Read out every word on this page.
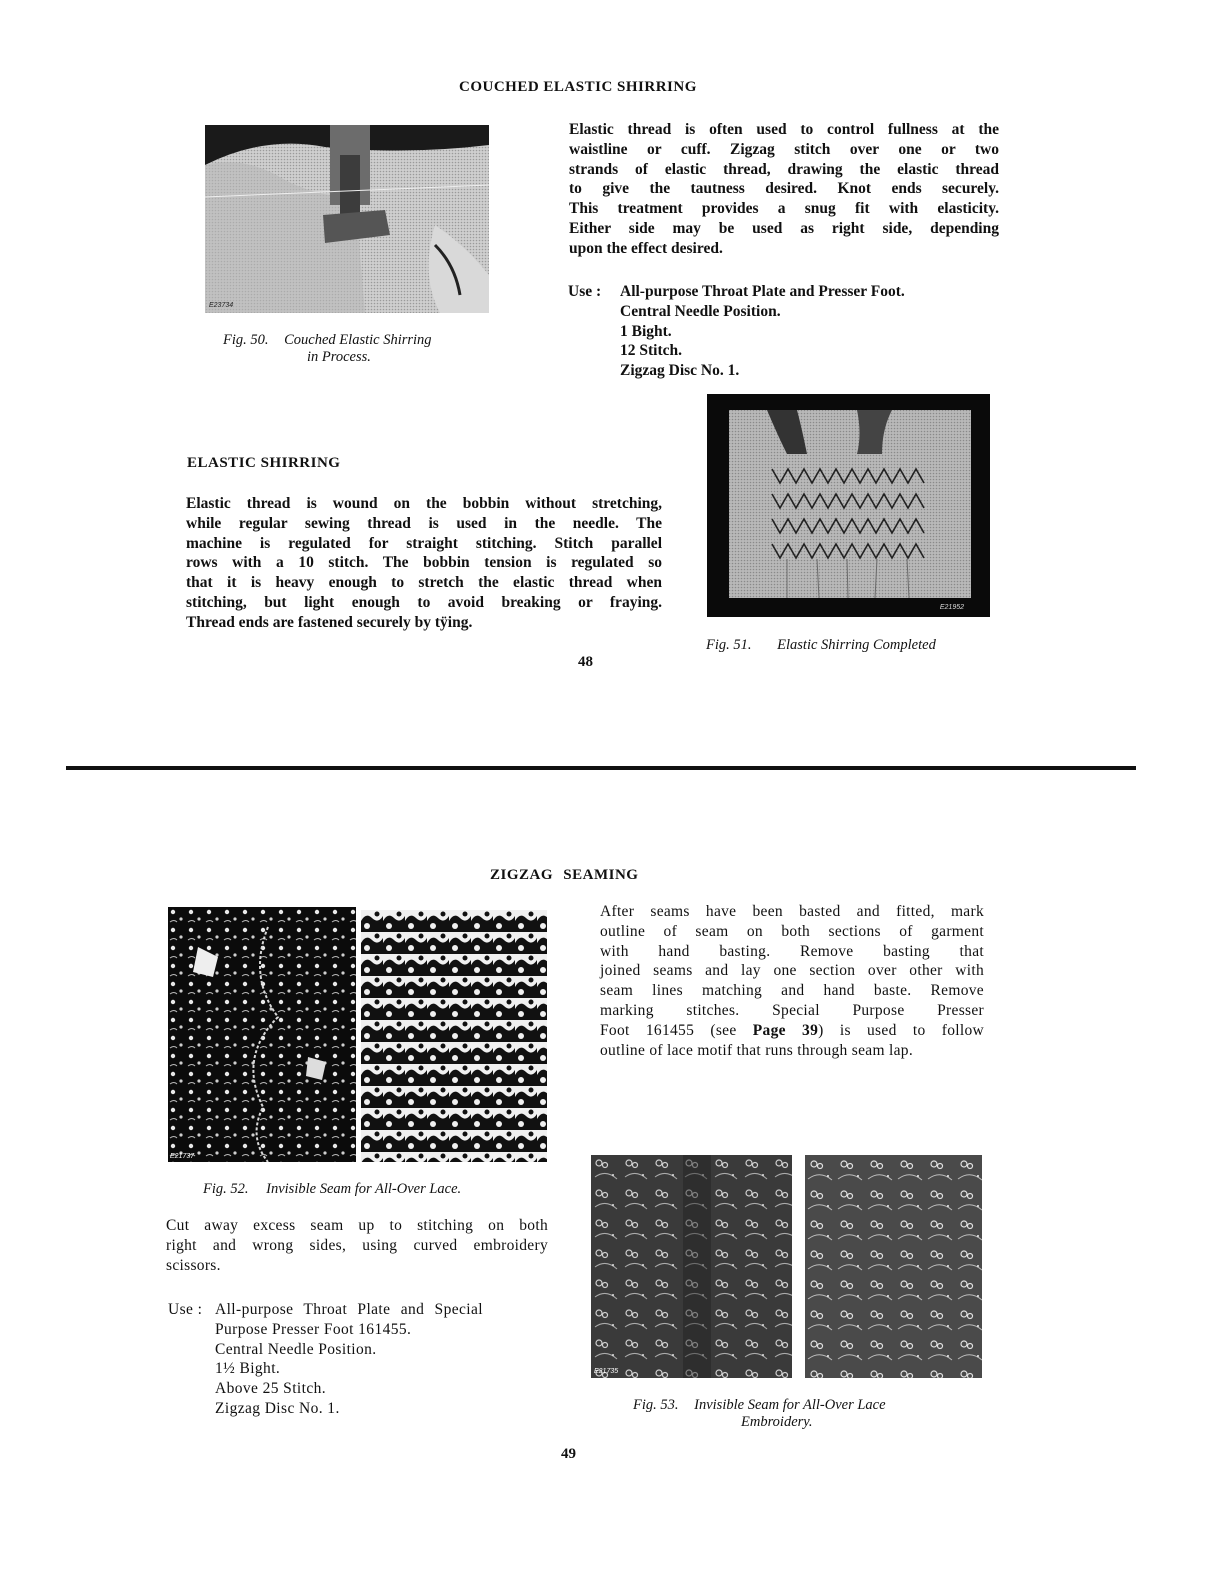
COUCHED ELASTIC SHIRRING
E23734
Fig. 50. Couched Elastic Shirring
in Process.
Elastic thread is often used to control fullness at the
waistline or cuff. Zigzag stitch over one or two
strands of elastic thread, drawing the elastic thread
to give the tautness desired. Knot ends securely.
This treatment provides a snug fit with elasticity.
Either side may be used as right side, depending
upon the effect desired.
Use : All-purpose Throat Plate and Presser Foot.
Central Needle Position.
1 Bight.
12 Stitch.
Zigzag Disc No. 1.
E21952
Fig. 51. Elastic Shirring Completed
ELASTIC SHIRRING
Elastic thread is wound on the bobbin without stretching,
while regular sewing thread is used in the needle. The
machine is regulated for straight stitching. Stitch parallel
rows with a 10 stitch. The bobbin tension is regulated so
that it is heavy enough to stretch the elastic thread when
stitching, but light enough to avoid breaking or fraying.
Thread ends are fastened securely by tÿing.
48
ZIGZAG SEAMING
E21737
Fig. 52. Invisible Seam for All-Over Lace.
After seams have been basted and fitted, mark
outline of seam on both sections of garment
with hand basting. Remove basting that
joined seams and lay one section over other with
seam lines matching and hand baste. Remove
marking stitches. Special Purpose Presser
Foot 161455 (see Page 39) is used to follow
outline of lace motif that runs through seam lap.
Cut away excess seam up to stitching on both
right and wrong sides, using curved embroidery
scissors.
Use : All-purpose Throat Plate and Special
Purpose Presser Foot 161455.
Central Needle Position.
1½ Bight.
Above 25 Stitch.
Zigzag Disc No. 1.
E21735
Fig. 53. Invisible Seam for All-Over Lace
Embroidery.
49
